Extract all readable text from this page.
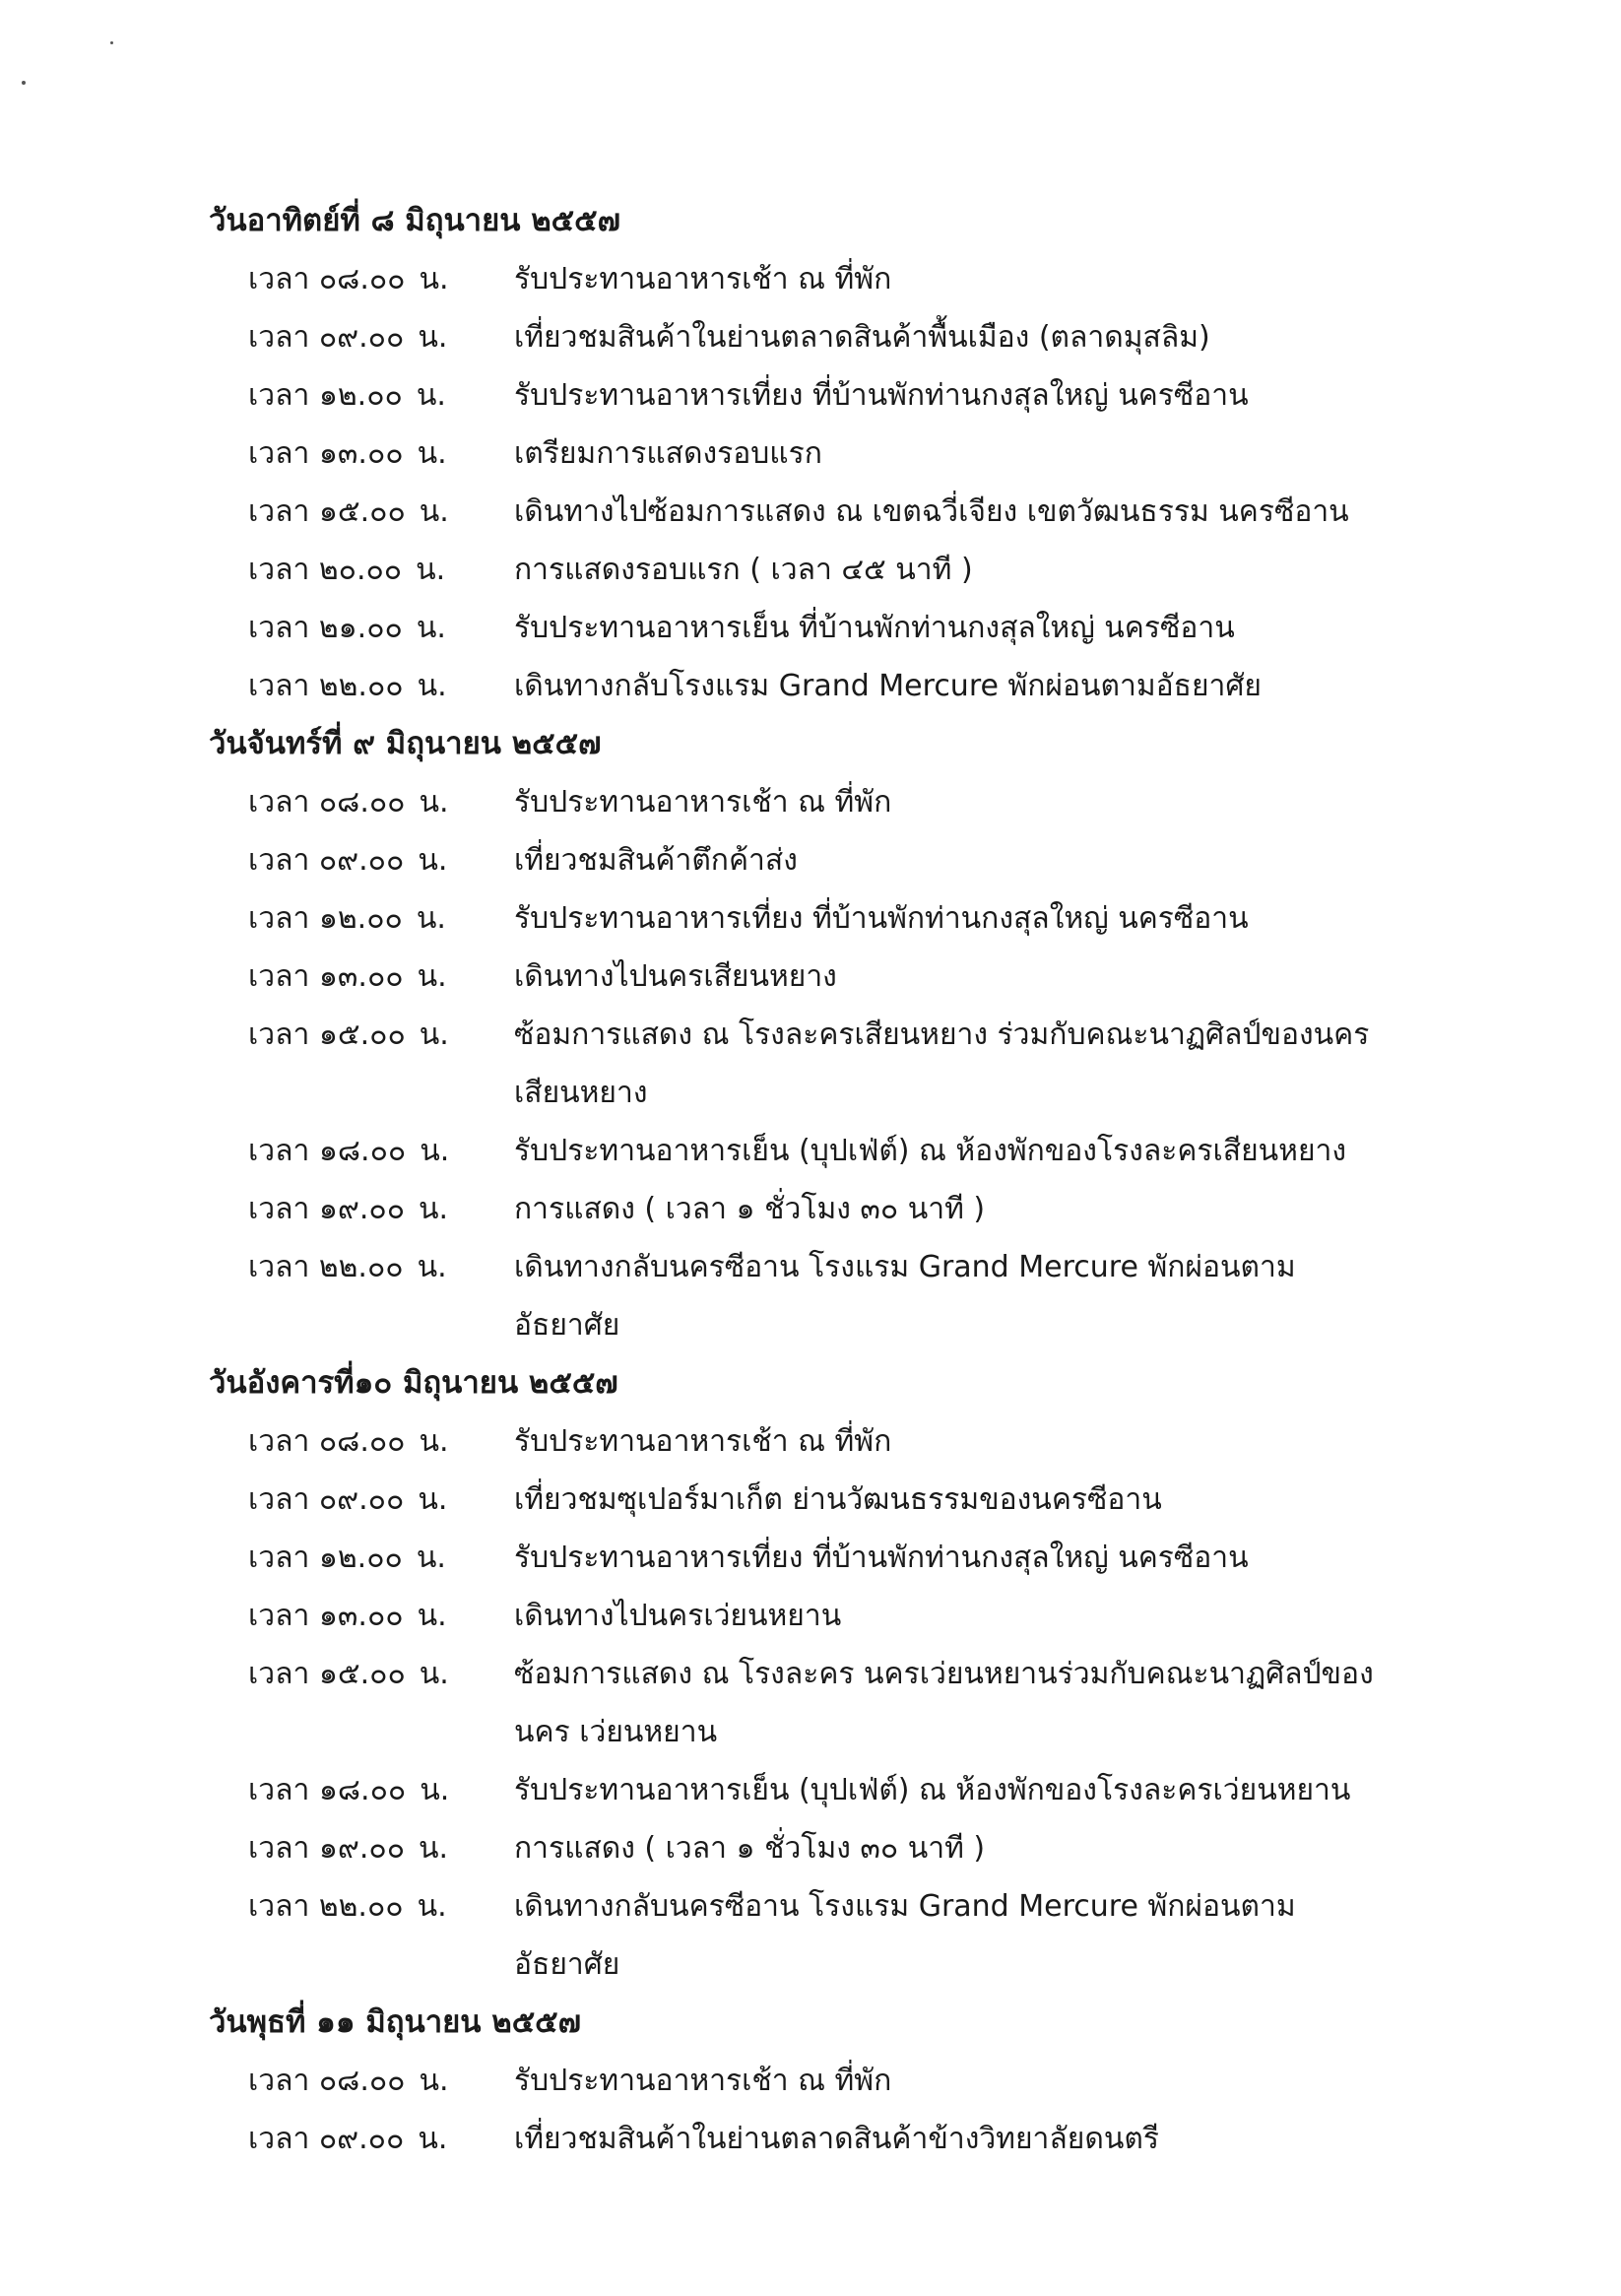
วันอาทิตย์ที่ ๘ มิถุนายน ๒๕๕๗
เวลา ๐๘.๐๐ น.	รับประทานอาหารเช้า ณ ที่พัก
เวลา ๐๙.๐๐ น.	เที่ยวชมสินค้าในย่านตลาดสินค้าพื้นเมือง (ตลาดมุสลิม)
เวลา ๑๒.๐๐ น.	รับประทานอาหารเที่ยง ที่บ้านพักท่านกงสุลใหญ่ นครซีอาน
เวลา ๑๓.๐๐ น.	เตรียมการแสดงรอบแรก
เวลา ๑๕.๐๐ น.	เดินทางไปซ้อมการแสดง ณ เขตฉวี่เจียง เขตวัฒนธรรม นครซีอาน
เวลา ๒๐.๐๐ น.	การแสดงรอบแรก ( เวลา ๔๕ นาที )
เวลา ๒๑.๐๐ น.	รับประทานอาหารเย็น ที่บ้านพักท่านกงสุลใหญ่ นครซีอาน
เวลา ๒๒.๐๐ น.	เดินทางกลับโรงแรม Grand Mercure พักผ่อนตามอัธยาศัย
วันจันทร์ที่ ๙ มิถุนายน ๒๕๕๗
เวลา ๐๘.๐๐ น.	รับประทานอาหารเช้า ณ ที่พัก
เวลา ๐๙.๐๐ น.	เที่ยวชมสินค้าตึกค้าส่ง
เวลา ๑๒.๐๐ น.	รับประทานอาหารเที่ยง ที่บ้านพักท่านกงสุลใหญ่ นครซีอาน
เวลา ๑๓.๐๐ น.	เดินทางไปนครเสียนหยาง
เวลา ๑๕.๐๐ น.	ซ้อมการแสดง ณ โรงละครเสียนหยาง ร่วมกับคณะนาฏศิลป์ของนคร เสียนหยาง
เวลา ๑๘.๐๐ น.	รับประทานอาหารเย็น (บุปเฟ่ต์) ณ ห้องพักของโรงละครเสียนหยาง
เวลา ๑๙.๐๐ น.	การแสดง ( เวลา ๑ ชั่วโมง ๓๐ นาที )
เวลา ๒๒.๐๐ น.	เดินทางกลับนครซีอาน โรงแรม Grand Mercure พักผ่อนตามอัธยาศัย
วันอังคารที่๑๐ มิถุนายน ๒๕๕๗
เวลา ๐๘.๐๐ น.	รับประทานอาหารเช้า ณ ที่พัก
เวลา ๐๙.๐๐ น.	เที่ยวชมซุเปอร์มาเก็ต ย่านวัฒนธรรมของนครซีอาน
เวลา ๑๒.๐๐ น.	รับประทานอาหารเที่ยง ที่บ้านพักท่านกงสุลใหญ่ นครซีอาน
เวลา ๑๓.๐๐ น.	เดินทางไปนครเว่ยนหยาน
เวลา ๑๕.๐๐ น.	ซ้อมการแสดง ณ โรงละคร นครเว่ยนหยานร่วมกับคณะนาฏศิลป์ของนคร เว่ยนหยาน
เวลา ๑๘.๐๐ น.	รับประทานอาหารเย็น (บุปเฟ่ต์) ณ ห้องพักของโรงละครเว่ยนหยาน
เวลา ๑๙.๐๐ น.	การแสดง ( เวลา ๑ ชั่วโมง ๓๐ นาที )
เวลา ๒๒.๐๐ น.	เดินทางกลับนครซีอาน โรงแรม Grand Mercure พักผ่อนตามอัธยาศัย
วันพุธที่ ๑๑ มิถุนายน ๒๕๕๗
เวลา ๐๘.๐๐ น.	รับประทานอาหารเช้า ณ ที่พัก
เวลา ๐๙.๐๐ น.	เที่ยวชมสินค้าในย่านตลาดสินค้าข้างวิทยาลัยดนตรี
